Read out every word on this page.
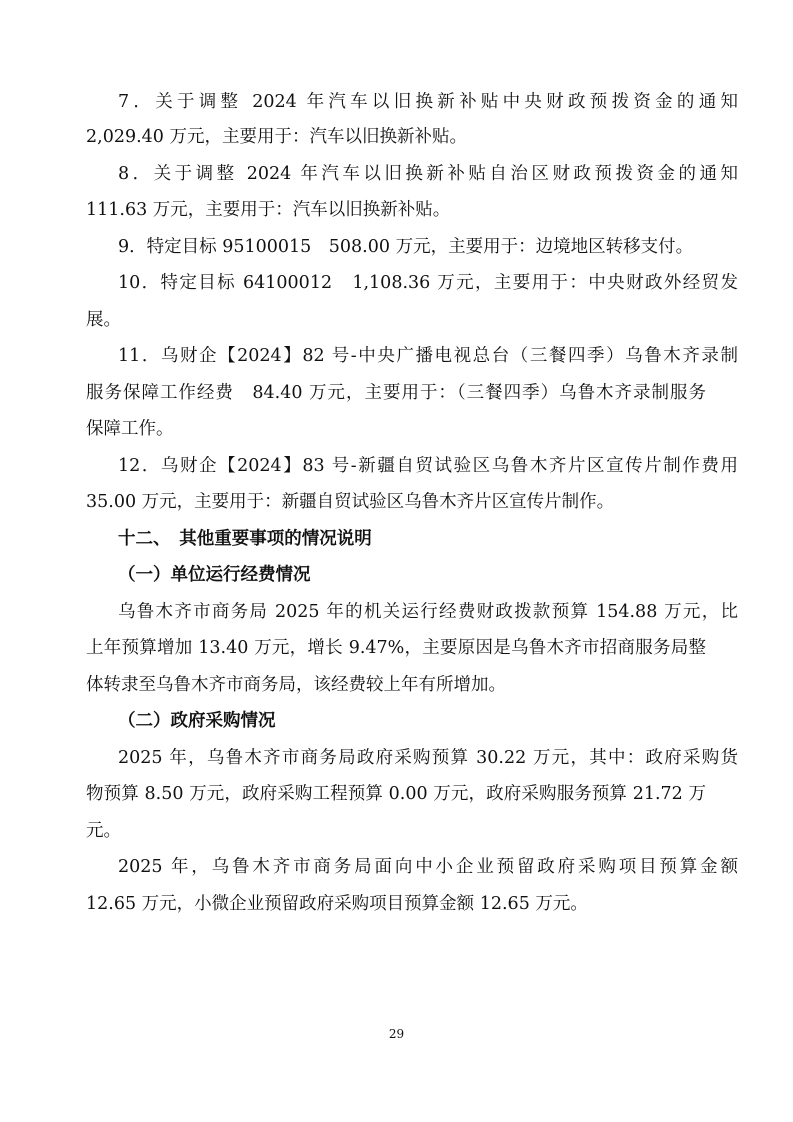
7．关于调整 2024 年汽车以旧换新补贴中央财政预拨资金的通知
2,029.40 万元，主要用于：汽车以旧换新补贴。
8．关于调整 2024 年汽车以旧换新补贴自治区财政预拨资金的通知
111.63 万元，主要用于：汽车以旧换新补贴。
9．特定目标 95100015　508.00 万元，主要用于：边境地区转移支付。
10．特定目标 64100012　1,108.36 万元，主要用于：中央财政外经贸发
展。
11．乌财企【2024】82 号-中央广播电视总台（三餐四季）乌鲁木齐录制
服务保障工作经费　84.40 万元，主要用于：（三餐四季）乌鲁木齐录制服务
保障工作。
12．乌财企【2024】83 号-新疆自贸试验区乌鲁木齐片区宣传片制作费用
35.00 万元，主要用于：新疆自贸试验区乌鲁木齐片区宣传片制作。
十二、　其他重要事项的情况说明
（一）单位运行经费情况
乌鲁木齐市商务局 2025 年的机关运行经费财政拨款预算 154.88 万元，比
上年预算增加 13.40 万元，增长 9.47%，主要原因是乌鲁木齐市招商服务局整
体转隶至乌鲁木齐市商务局，该经费较上年有所增加。
（二）政府采购情况
2025 年，乌鲁木齐市商务局政府采购预算 30.22 万元，其中：政府采购货
物预算 8.50 万元，政府采购工程预算 0.00 万元，政府采购服务预算 21.72 万
元。
2025 年，乌鲁木齐市商务局面向中小企业预留政府采购项目预算金额
12.65 万元，小微企业预留政府采购项目预算金额 12.65 万元。
29
